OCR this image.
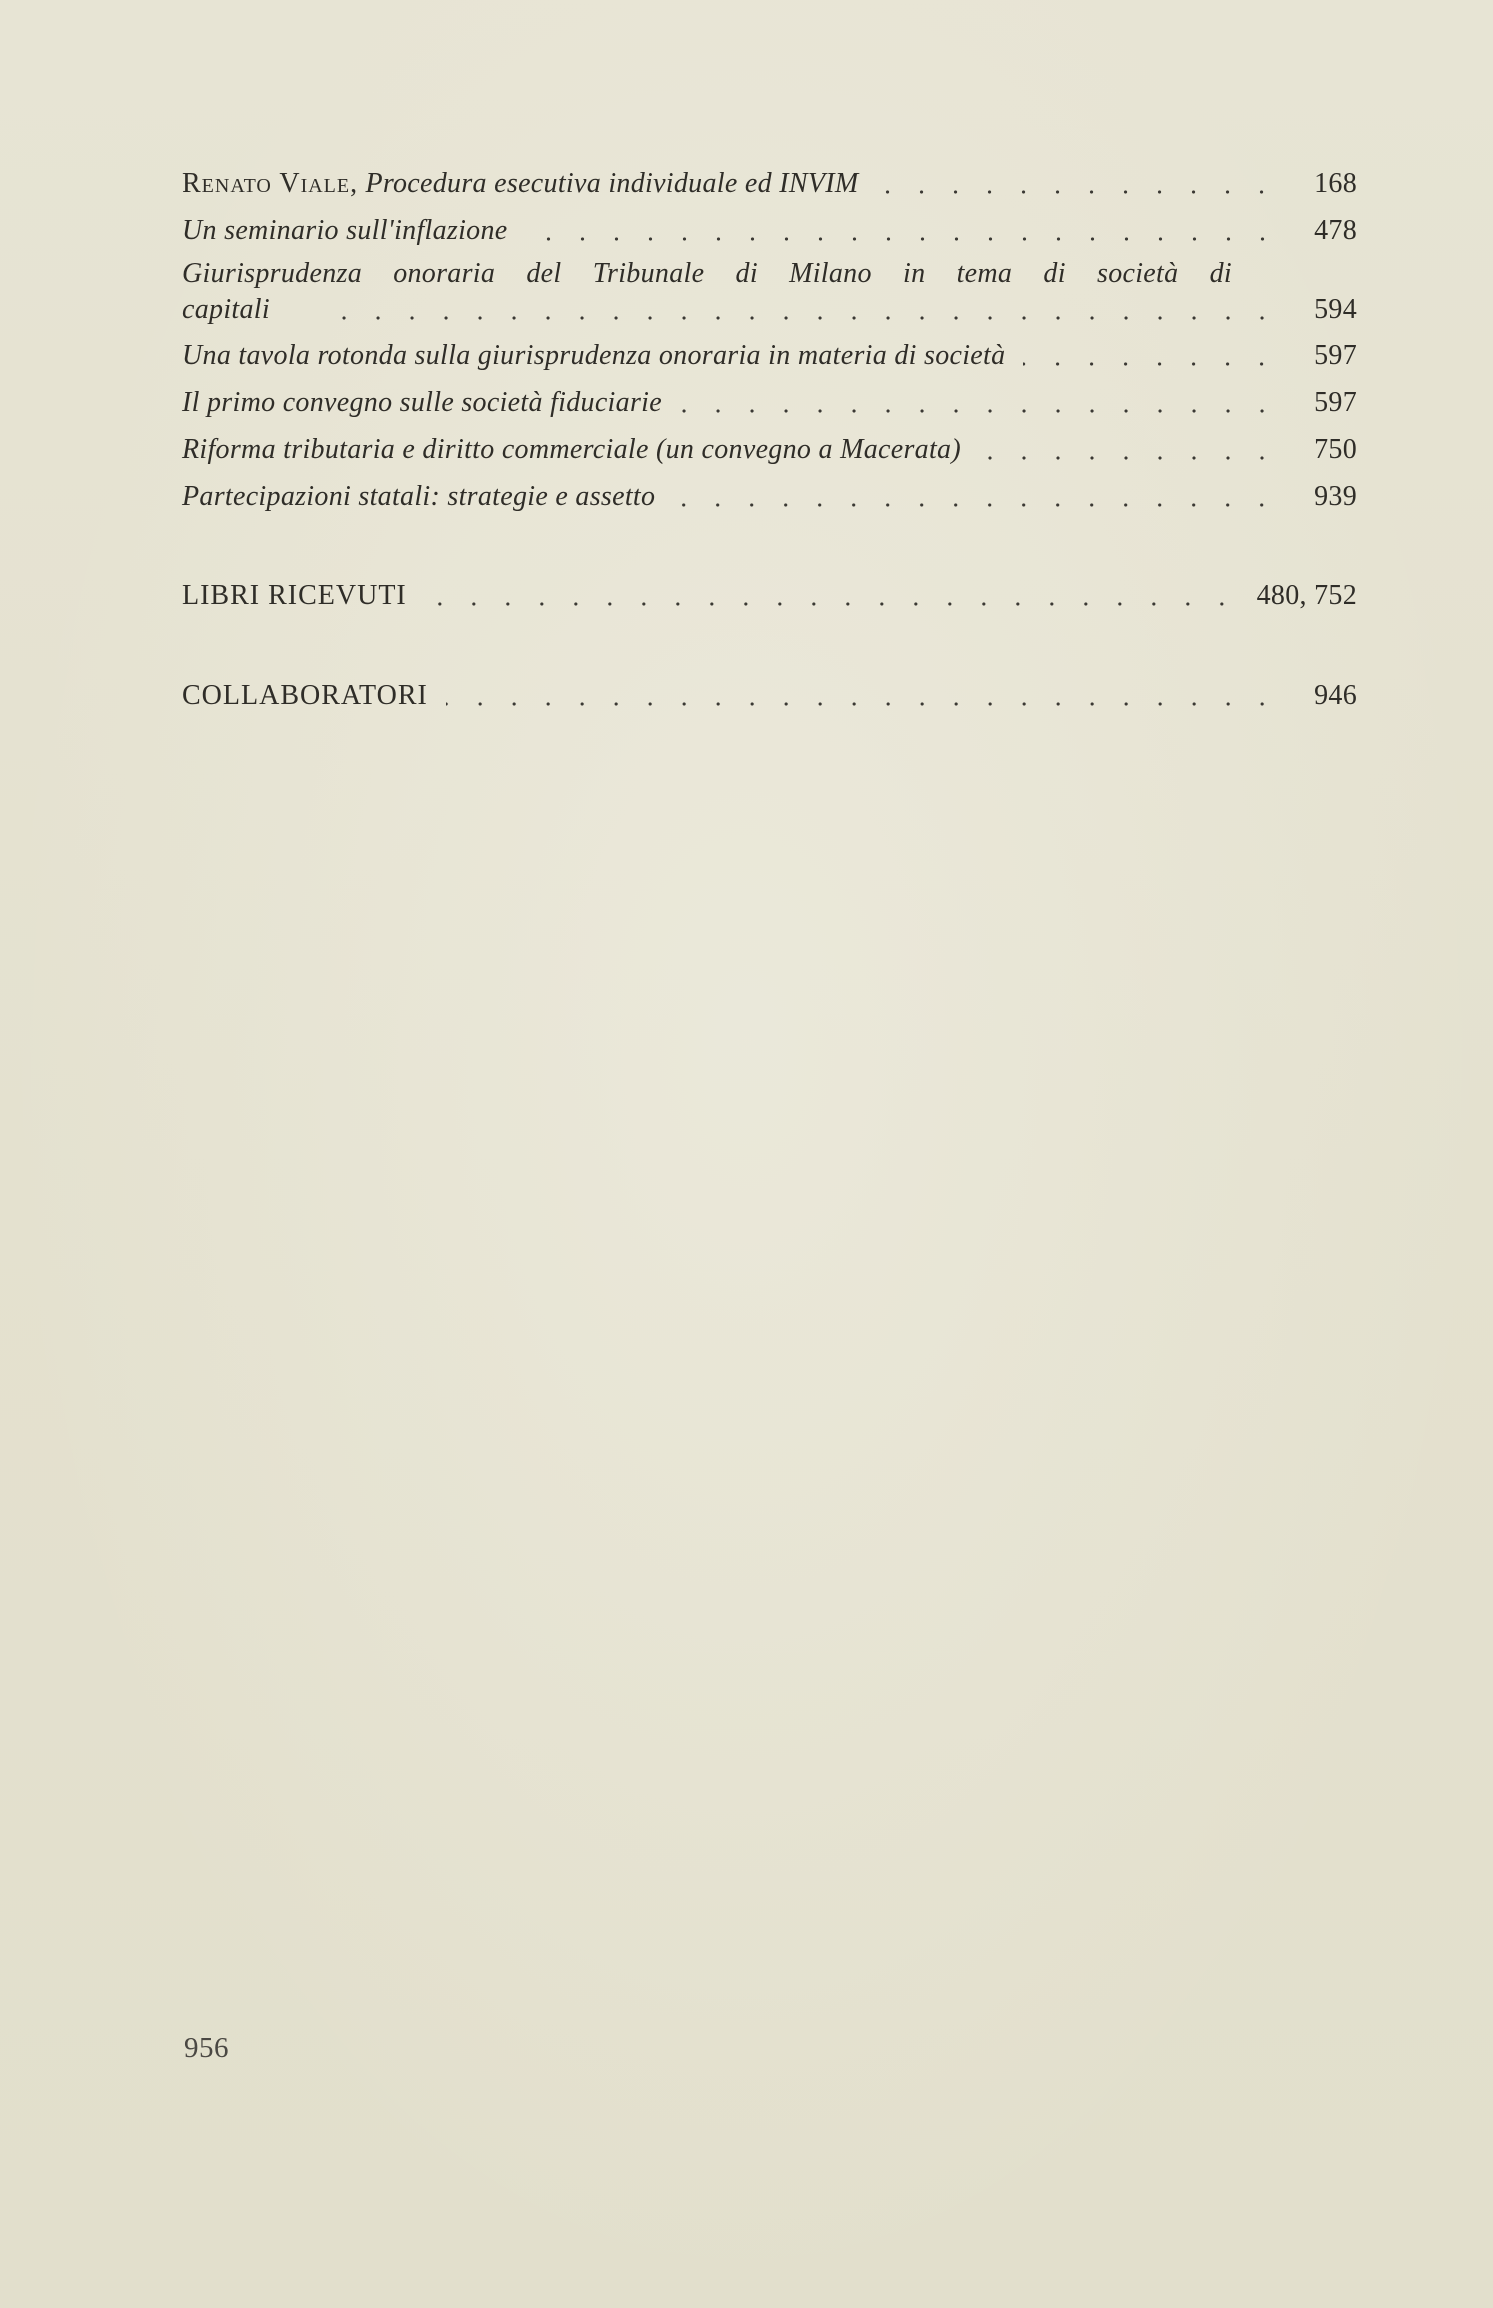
Renato Viale, Procedura esecutiva individuale ed INVIM	168
Un seminario sull'inflazione	478
Giurisprudenza onoraria del Tribunale di Milano in tema di società di
capitali	594
Una tavola rotonda sulla giurisprudenza onoraria in materia di società	597
Il primo convegno sulle società fiduciarie	597
Riforma tributaria e diritto commerciale (un convegno a Macerata)	750
Partecipazioni statali: strategie e assetto	939
LIBRI RICEVUTI	480, 752
COLLABORATORI	946
956
